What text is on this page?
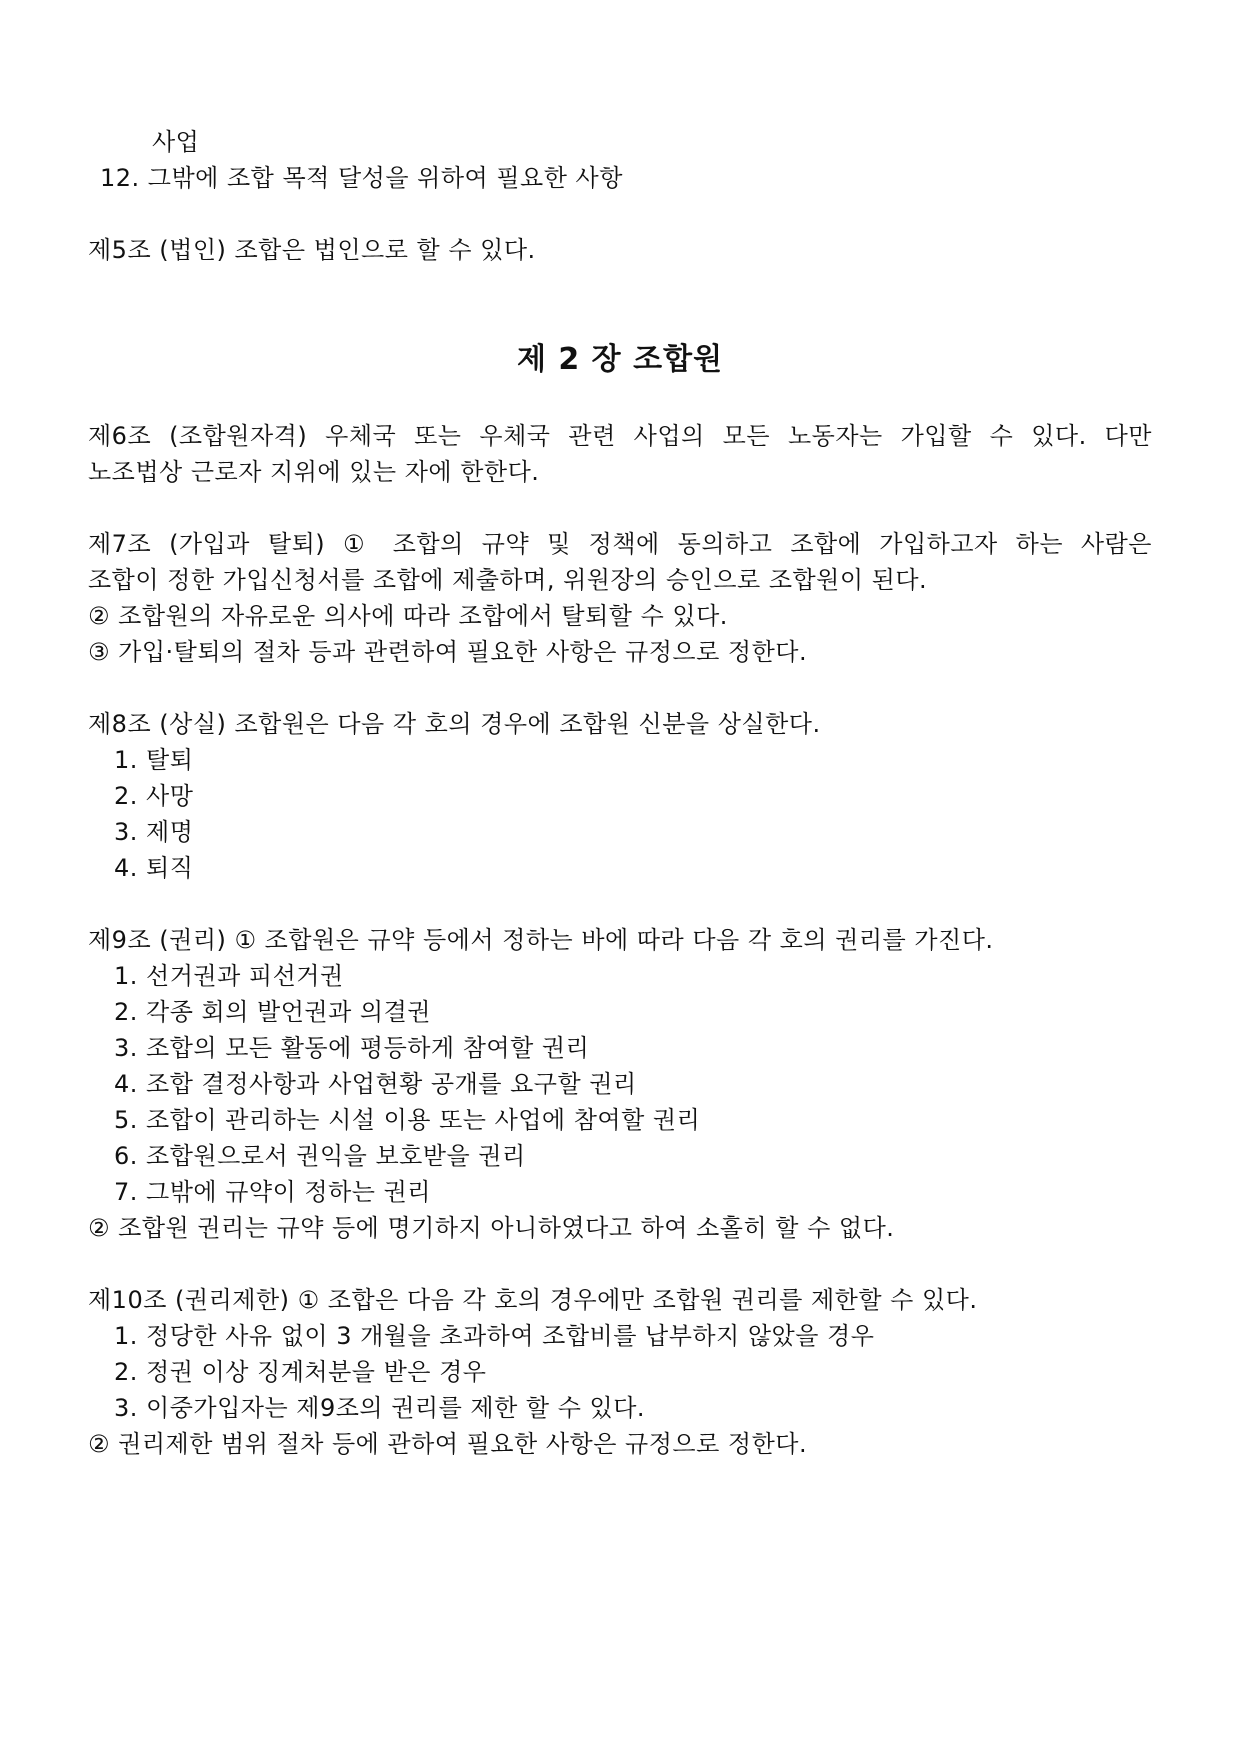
사업
12. 그밖에 조합 목적 달성을 위하여 필요한 사항
제5조 (법인) 조합은 법인으로 할 수 있다.
제 2 장 조합원
제6조 (조합원자격) 우체국 또는 우체국 관련 사업의 모든 노동자는 가입할 수 있다. 다만
노조법상 근로자 지위에 있는 자에 한한다.
제7조 (가입과 탈퇴) ① 조합의 규약 및 정책에 동의하고 조합에 가입하고자 하는 사람은
조합이 정한 가입신청서를 조합에 제출하며, 위원장의 승인으로 조합원이 된다.
② 조합원의 자유로운 의사에 따라 조합에서 탈퇴할 수 있다.
③ 가입·탈퇴의 절차 등과 관련하여 필요한 사항은 규정으로 정한다.
제8조 (상실) 조합원은 다음 각 호의 경우에 조합원 신분을 상실한다.
1. 탈퇴
2. 사망
3. 제명
4. 퇴직
제9조 (권리) ① 조합원은 규약 등에서 정하는 바에 따라 다음 각 호의 권리를 가진다.
1. 선거권과 피선거권
2. 각종 회의 발언권과 의결권
3. 조합의 모든 활동에 평등하게 참여할 권리
4. 조합 결정사항과 사업현황 공개를 요구할 권리
5. 조합이 관리하는 시설 이용 또는 사업에 참여할 권리
6. 조합원으로서 권익을 보호받을 권리
7. 그밖에 규약이 정하는 권리
② 조합원 권리는 규약 등에 명기하지 아니하였다고 하여 소홀히 할 수 없다.
제10조 (권리제한) ① 조합은 다음 각 호의 경우에만 조합원 권리를 제한할 수 있다.
1. 정당한 사유 없이 3 개월을 초과하여 조합비를 납부하지 않았을 경우
2. 정권 이상 징계처분을 받은 경우
3. 이중가입자는 제9조의 권리를 제한 할 수 있다.
② 권리제한 범위 절차 등에 관하여 필요한 사항은 규정으로 정한다.
